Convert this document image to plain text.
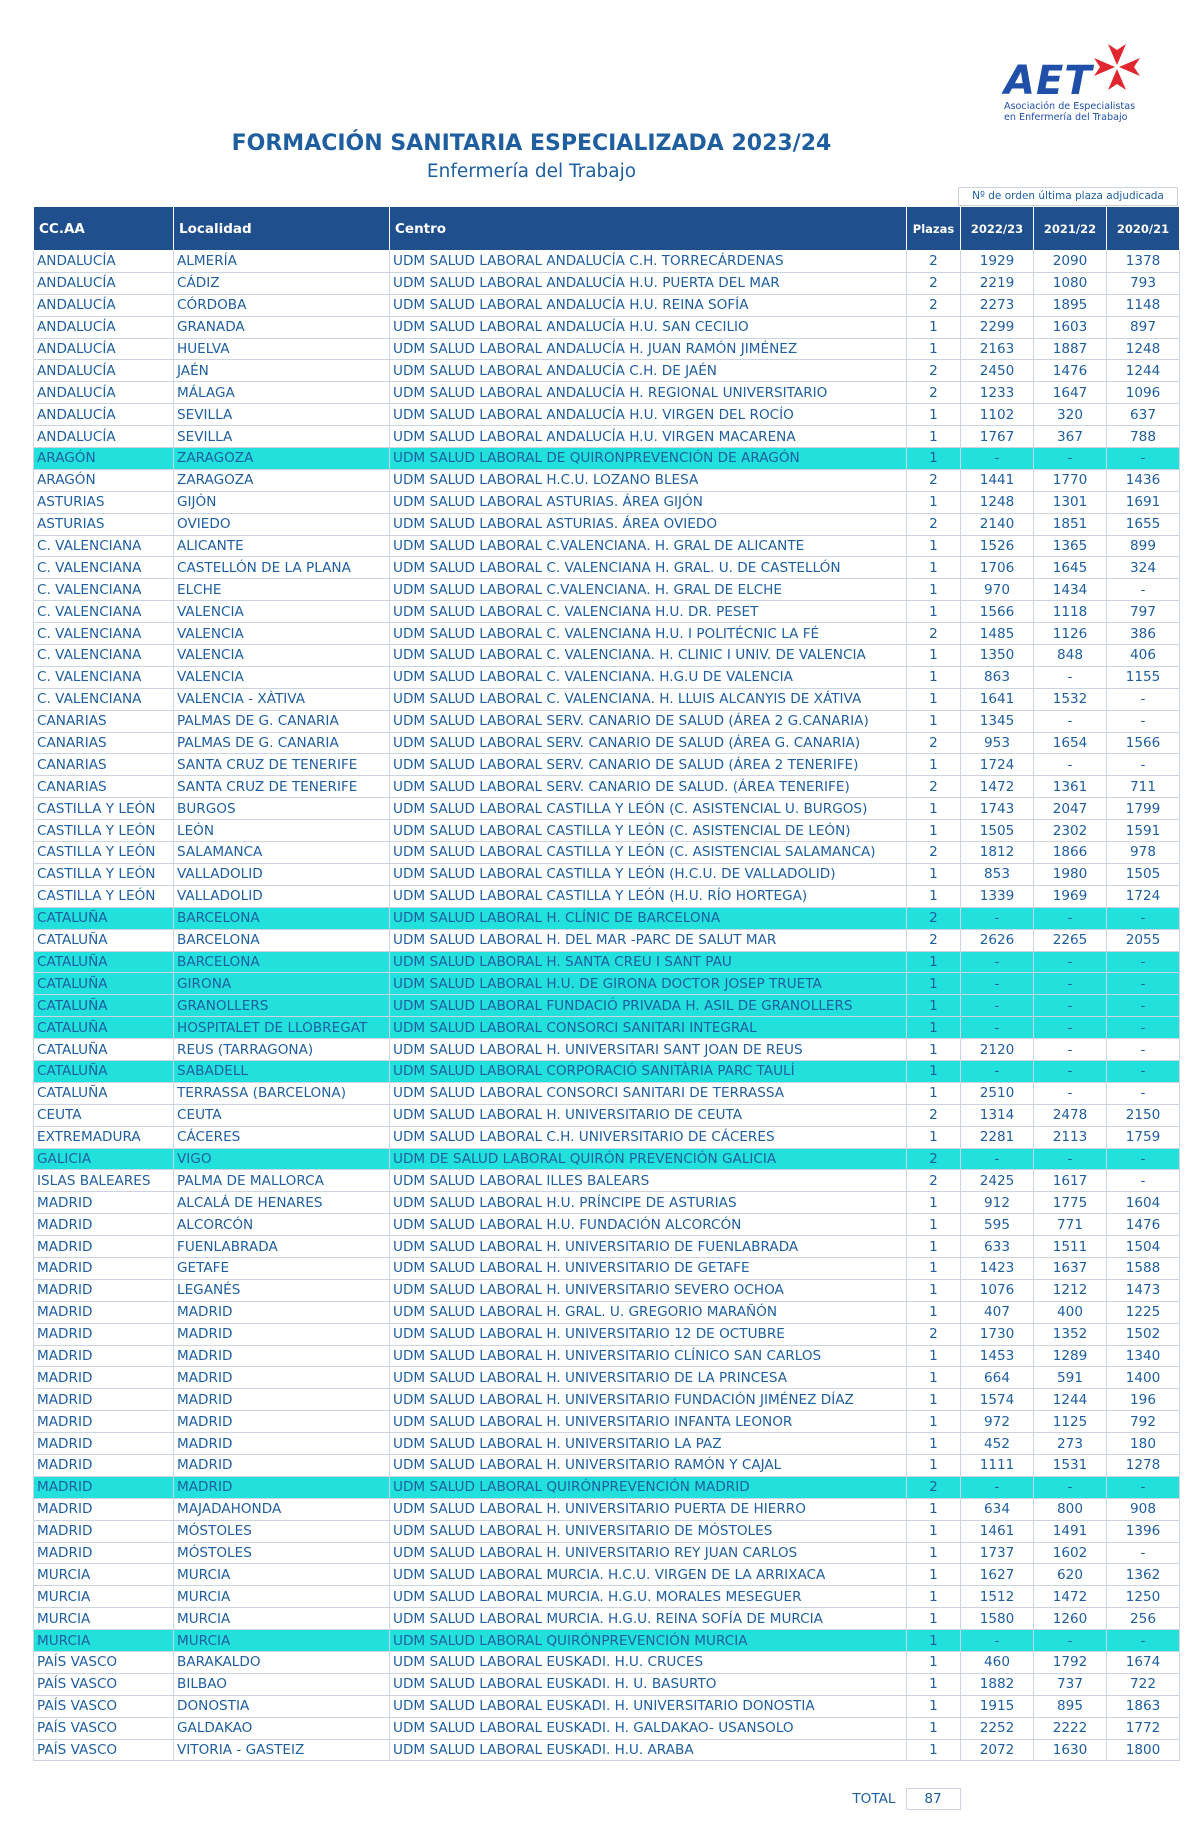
AET
Asociación de Especialistas
en Enfermería del Trabajo
FORMACIÓN SANITARIA ESPECIALIZADA 2023/24
Enfermería del Trabajo
Nº de orden última plaza adjudicada
CC.AA	Localidad	Centro	Plazas	2022/23	2021/22	2020/21
ANDALUCÍA	ALMERÍA	UDM SALUD LABORAL ANDALUCÍA C.H. TORRECÁRDENAS	2	1929	2090	1378
ANDALUCÍA	CÁDIZ	UDM SALUD LABORAL ANDALUCÍA H.U. PUERTA DEL MAR	2	2219	1080	793
ANDALUCÍA	CÓRDOBA	UDM SALUD LABORAL ANDALUCÍA H.U. REINA SOFÍA	2	2273	1895	1148
ANDALUCÍA	GRANADA	UDM SALUD LABORAL ANDALUCÍA H.U. SAN CECILIO	1	2299	1603	897
ANDALUCÍA	HUELVA	UDM SALUD LABORAL ANDALUCÍA H. JUAN RAMÓN JIMÉNEZ	1	2163	1887	1248
ANDALUCÍA	JAÉN	UDM SALUD LABORAL ANDALUCÍA C.H. DE JAÉN	2	2450	1476	1244
ANDALUCÍA	MÁLAGA	UDM SALUD LABORAL ANDALUCÍA H. REGIONAL UNIVERSITARIO	2	1233	1647	1096
ANDALUCÍA	SEVILLA	UDM SALUD LABORAL ANDALUCÍA H.U. VIRGEN DEL ROCÍO	1	1102	320	637
ANDALUCÍA	SEVILLA	UDM SALUD LABORAL ANDALUCÍA H.U. VIRGEN MACARENA	1	1767	367	788
ARAGÓN	ZARAGOZA	UDM SALUD LABORAL DE QUIRONPREVENCIÓN DE ARAGÓN	1	-	-	-
ARAGÓN	ZARAGOZA	UDM SALUD LABORAL H.C.U. LOZANO BLESA	2	1441	1770	1436
ASTURIAS	GIJÓN	UDM SALUD LABORAL ASTURIAS. ÁREA GIJÓN	1	1248	1301	1691
ASTURIAS	OVIEDO	UDM SALUD LABORAL ASTURIAS. ÁREA OVIEDO	2	2140	1851	1655
C. VALENCIANA	ALICANTE	UDM SALUD LABORAL C.VALENCIANA. H. GRAL DE ALICANTE	1	1526	1365	899
C. VALENCIANA	CASTELLÓN DE LA PLANA	UDM SALUD LABORAL C. VALENCIANA H. GRAL. U. DE CASTELLÓN	1	1706	1645	324
C. VALENCIANA	ELCHE	UDM SALUD LABORAL C.VALENCIANA. H. GRAL DE ELCHE	1	970	1434	-
C. VALENCIANA	VALENCIA	UDM SALUD LABORAL C. VALENCIANA H.U. DR. PESET	1	1566	1118	797
C. VALENCIANA	VALENCIA	UDM SALUD LABORAL C. VALENCIANA H.U. I POLITÉCNIC LA FÉ	2	1485	1126	386
C. VALENCIANA	VALENCIA	UDM SALUD LABORAL C. VALENCIANA. H. CLINIC I UNIV. DE VALENCIA	1	1350	848	406
C. VALENCIANA	VALENCIA	UDM SALUD LABORAL C. VALENCIANA. H.G.U DE VALENCIA	1	863	-	1155
C. VALENCIANA	VALENCIA - XÀTIVA	UDM SALUD LABORAL C. VALENCIANA. H. LLUIS ALCANYIS DE XÁTIVA	1	1641	1532	-
CANARIAS	PALMAS DE G. CANARIA	UDM SALUD LABORAL SERV. CANARIO DE SALUD (ÁREA 2 G.CANARIA)	1	1345	-	-
CANARIAS	PALMAS DE G. CANARIA	UDM SALUD LABORAL SERV. CANARIO DE SALUD (ÁREA G. CANARIA)	2	953	1654	1566
CANARIAS	SANTA CRUZ DE TENERIFE	UDM SALUD LABORAL SERV. CANARIO DE SALUD (ÁREA 2 TENERIFE)	1	1724	-	-
CANARIAS	SANTA CRUZ DE TENERIFE	UDM SALUD LABORAL SERV. CANARIO DE SALUD. (ÁREA TENERIFE)	2	1472	1361	711
CASTILLA Y LEÓN	BURGOS	UDM SALUD LABORAL CASTILLA Y LEÓN (C. ASISTENCIAL U. BURGOS)	1	1743	2047	1799
CASTILLA Y LEÓN	LEÓN	UDM SALUD LABORAL CASTILLA Y LEÓN (C. ASISTENCIAL DE LEÓN)	1	1505	2302	1591
CASTILLA Y LEÓN	SALAMANCA	UDM SALUD LABORAL CASTILLA Y LEÓN (C. ASISTENCIAL SALAMANCA)	2	1812	1866	978
CASTILLA Y LEÓN	VALLADOLID	UDM SALUD LABORAL CASTILLA Y LEÓN (H.C.U. DE VALLADOLID)	1	853	1980	1505
CASTILLA Y LEÓN	VALLADOLID	UDM SALUD LABORAL CASTILLA Y LEÓN (H.U. RÍO HORTEGA)	1	1339	1969	1724
CATALUÑA	BARCELONA	UDM SALUD LABORAL H. CLÍNIC DE BARCELONA	2	-	-	-
CATALUÑA	BARCELONA	UDM SALUD LABORAL H. DEL MAR -PARC DE SALUT MAR	2	2626	2265	2055
CATALUÑA	BARCELONA	UDM SALUD LABORAL H. SANTA CREU I SANT PAU	1	-	-	-
CATALUÑA	GIRONA	UDM SALUD LABORAL H.U. DE GIRONA DOCTOR JOSEP TRUETA	1	-	-	-
CATALUÑA	GRANOLLERS	UDM SALUD LABORAL FUNDACIÓ PRIVADA H. ASIL DE GRANOLLERS	1	-	-	-
CATALUÑA	HOSPITALET DE LLOBREGAT	UDM SALUD LABORAL CONSORCI SANITARI INTEGRAL	1	-	-	-
CATALUÑA	REUS (TARRAGONA)	UDM SALUD LABORAL H. UNIVERSITARI SANT JOAN DE REUS	1	2120	-	-
CATALUÑA	SABADELL	UDM SALUD LABORAL CORPORACIÓ SANITÀRIA PARC TAULÍ	1	-	-	-
CATALUÑA	TERRASSA (BARCELONA)	UDM SALUD LABORAL CONSORCI SANITARI DE TERRASSA	1	2510	-	-
CEUTA	CEUTA	UDM SALUD LABORAL H. UNIVERSITARIO DE CEUTA	2	1314	2478	2150
EXTREMADURA	CÁCERES	UDM SALUD LABORAL C.H. UNIVERSITARIO DE CÁCERES	1	2281	2113	1759
GALICIA	VIGO	UDM DE SALUD LABORAL QUIRÓN PREVENCIÓN GALICIA	2	-	-	-
ISLAS BALEARES	PALMA DE MALLORCA	UDM SALUD LABORAL ILLES BALEARS	2	2425	1617	-
MADRID	ALCALÁ DE HENARES	UDM SALUD LABORAL H.U. PRÍNCIPE DE ASTURIAS	1	912	1775	1604
MADRID	ALCORCÓN	UDM SALUD LABORAL H.U. FUNDACIÓN ALCORCÓN	1	595	771	1476
MADRID	FUENLABRADA	UDM SALUD LABORAL H. UNIVERSITARIO DE FUENLABRADA	1	633	1511	1504
MADRID	GETAFE	UDM SALUD LABORAL H. UNIVERSITARIO DE GETAFE	1	1423	1637	1588
MADRID	LEGANÉS	UDM SALUD LABORAL H. UNIVERSITARIO SEVERO OCHOA	1	1076	1212	1473
MADRID	MADRID	UDM SALUD LABORAL H. GRAL. U. GREGORIO MARAÑÓN	1	407	400	1225
MADRID	MADRID	UDM SALUD LABORAL H. UNIVERSITARIO 12 DE OCTUBRE	2	1730	1352	1502
MADRID	MADRID	UDM SALUD LABORAL H. UNIVERSITARIO CLÍNICO SAN CARLOS	1	1453	1289	1340
MADRID	MADRID	UDM SALUD LABORAL H. UNIVERSITARIO DE LA PRINCESA	1	664	591	1400
MADRID	MADRID	UDM SALUD LABORAL H. UNIVERSITARIO FUNDACIÓN JIMÉNEZ DÍAZ	1	1574	1244	196
MADRID	MADRID	UDM SALUD LABORAL H. UNIVERSITARIO INFANTA LEONOR	1	972	1125	792
MADRID	MADRID	UDM SALUD LABORAL H. UNIVERSITARIO LA PAZ	1	452	273	180
MADRID	MADRID	UDM SALUD LABORAL H. UNIVERSITARIO RAMÓN Y CAJAL	1	1111	1531	1278
MADRID	MADRID	UDM SALUD LABORAL QUIRÓNPREVENCIÓN MADRID	2	-	-	-
MADRID	MAJADAHONDA	UDM SALUD LABORAL H. UNIVERSITARIO PUERTA DE HIERRO	1	634	800	908
MADRID	MÓSTOLES	UDM SALUD LABORAL H. UNIVERSITARIO DE MÓSTOLES	1	1461	1491	1396
MADRID	MÓSTOLES	UDM SALUD LABORAL H. UNIVERSITARIO REY JUAN CARLOS	1	1737	1602	-
MURCIA	MURCIA	UDM SALUD LABORAL MURCIA. H.C.U. VIRGEN DE LA ARRIXACA	1	1627	620	1362
MURCIA	MURCIA	UDM SALUD LABORAL MURCIA. H.G.U. MORALES MESEGUER	1	1512	1472	1250
MURCIA	MURCIA	UDM SALUD LABORAL MURCIA. H.G.U. REINA SOFÍA DE MURCIA	1	1580	1260	256
MURCIA	MURCIA	UDM SALUD LABORAL QUIRÓNPREVENCIÓN MURCIA	1	-	-	-
PAÍS VASCO	BARAKALDO	UDM SALUD LABORAL EUSKADI. H.U. CRUCES	1	460	1792	1674
PAÍS VASCO	BILBAO	UDM SALUD LABORAL EUSKADI. H. U. BASURTO	1	1882	737	722
PAÍS VASCO	DONOSTIA	UDM SALUD LABORAL EUSKADI. H. UNIVERSITARIO DONOSTIA	1	1915	895	1863
PAÍS VASCO	GALDAKAO	UDM SALUD LABORAL EUSKADI. H. GALDAKAO- USANSOLO	1	2252	2222	1772
PAÍS VASCO	VITORIA - GASTEIZ	UDM SALUD LABORAL EUSKADI. H.U. ARABA	1	2072	1630	1800
TOTAL	87	
